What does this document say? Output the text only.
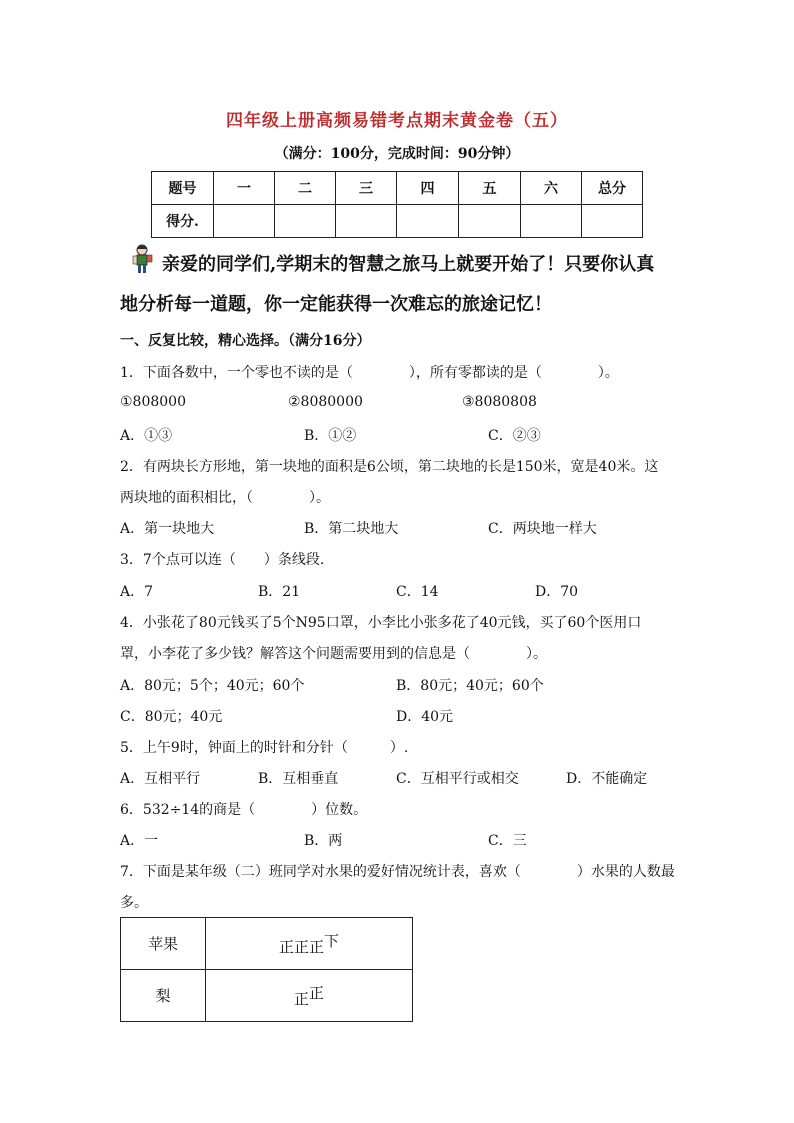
四年级上册高频易错考点期末黄金卷（五）
（满分：100分，完成时间：90分钟）
题号	一	二	三	四	五	六	总分
得分.							
亲爱的同学们,学期末的智慧之旅马上就要开始了！只要你认真
地分析每一道题，你一定能获得一次难忘的旅途记忆！
一、反复比较，精心选择。（满分16分）
1．下面各数中，一个零也不读的是（　　　　），所有零都读的是（　　　　）。
①808000	②8080000	③8080808
A．①③	B．①②	C．②③
2．有两块长方形地，第一块地的面积是6公顷，第二块地的长是150米，宽是40米。这
两块地的面积相比，（　　　　）。
A．第一块地大	B．第二块地大	C．两块地一样大
3．7个点可以连（　　）条线段.
A．7	B．21	C．14	D．70
4．小张花了80元钱买了5个N95口罩，小李比小张多花了40元钱，买了60个医用口
罩，小李花了多少钱？解答这个问题需要用到的信息是（　　　　）。
A．80元；5个；40元；60个	B．80元；40元；60个
C．80元；40元	D．40元
5．上午9时，钟面上的时针和分针（　　　）.
A．互相平行	B．互相垂直	C．互相平行或相交	D．不能确定
6．532÷14的商是（　　　　）位数。
A．一	B．两	C．三
7．下面是某年级（二）班同学对水果的爱好情况统计表，喜欢（　　　　）水果的人数最
多。
苹果	正正正$^下$
梨	正$^正$
